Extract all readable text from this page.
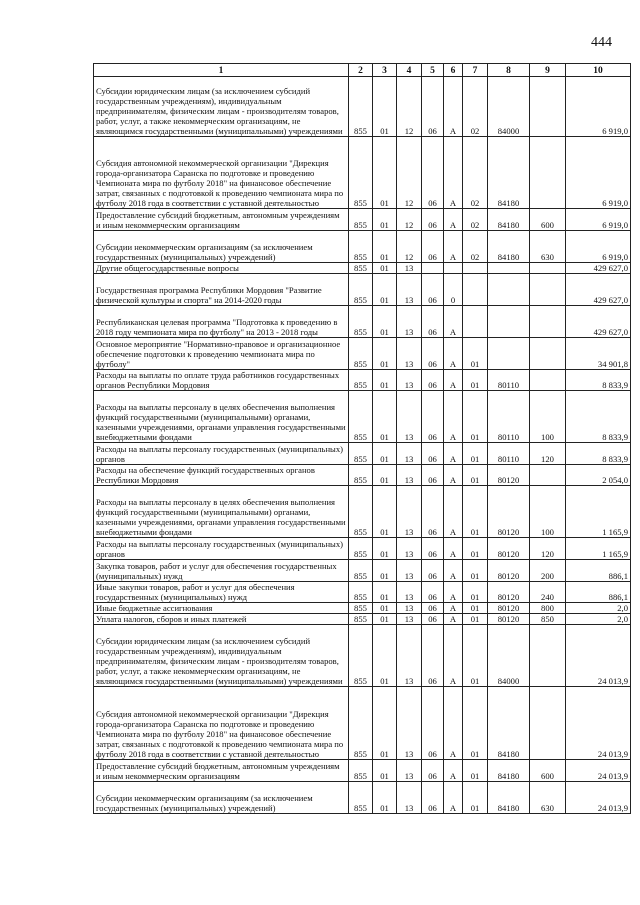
444
1	2	3	4	5	6	7	8	9	10
Субсидии юридическим лицам (за исключением субсидий государственным учреждениям), индивидуальным предпринимателям, физическим лицам - производителям товаров, работ, услуг, а также некоммерческим организациям, не являющимся государственными (муниципальными) учреждениями	855	01	12	06	А	02	84000		6 919,0
Субсидия автономной некоммерческой организации "Дирекция города-организатора Саранска по подготовке и проведению Чемпионата мира по футболу 2018" на финансовое обеспечение затрат, связанных с подготовкой к проведению чемпионата мира по футболу 2018 года в соответствии с уставной деятельностью	855	01	12	06	А	02	84180		6 919,0
Предоставление субсидий бюджетным, автономным учреждениям и иным некоммерческим организациям	855	01	12	06	А	02	84180	600	6 919,0
Субсидии некоммерческим организациям (за исключением государственных (муниципальных) учреждений)	855	01	12	06	А	02	84180	630	6 919,0
Другие общегосударственные вопросы	855	01	13						429 627,0
Государственная программа Республики Мордовия "Развитие физической культуры и спорта" на 2014-2020 годы	855	01	13	06	0				429 627,0
Республиканская целевая программа "Подготовка к проведению в 2018 году чемпионата мира по футболу" на 2013 - 2018 годы	855	01	13	06	А				429 627,0
Основное мероприятие "Нормативно-правовое и организационное обеспечение подготовки к проведению чемпионата мира по футболу"	855	01	13	06	А	01			34 901,8
Расходы на выплаты по оплате труда работников государственных органов Республики Мордовия	855	01	13	06	А	01	80110		8 833,9
Расходы на выплаты персоналу в целях обеспечения выполнения функций государственными (муниципальными) органами, казенными учреждениями, органами управления государственными внебюджетными фондами	855	01	13	06	А	01	80110	100	8 833,9
Расходы на выплаты персоналу государственных (муниципальных) органов	855	01	13	06	А	01	80110	120	8 833,9
Расходы на обеспечение функций государственных органов Республики Мордовия	855	01	13	06	А	01	80120		2 054,0
Расходы на выплаты персоналу в целях обеспечения выполнения функций государственными (муниципальными) органами, казенными учреждениями, органами управления государственными внебюджетными фондами	855	01	13	06	А	01	80120	100	1 165,9
Расходы на выплаты персоналу государственных (муниципальных) органов	855	01	13	06	А	01	80120	120	1 165,9
Закупка товаров, работ и услуг для обеспечения государственных (муниципальных) нужд	855	01	13	06	А	01	80120	200	886,1
Иные закупки товаров, работ и услуг для обеспечения государственных (муниципальных) нужд	855	01	13	06	А	01	80120	240	886,1
Иные бюджетные ассигнования	855	01	13	06	А	01	80120	800	2,0
Уплата налогов, сборов и иных платежей	855	01	13	06	А	01	80120	850	2,0
Субсидии юридическим лицам (за исключением субсидий государственным учреждениям), индивидуальным предпринимателям, физическим лицам - производителям товаров, работ, услуг, а также некоммерческим организациям, не являющимся государственными (муниципальными) учреждениями	855	01	13	06	А	01	84000		24 013,9
Субсидия автономной некоммерческой организации "Дирекция города-организатора Саранска по подготовке и проведению Чемпионата мира по футболу 2018" на финансовое обеспечение затрат, связанных с подготовкой к проведению чемпионата мира по футболу 2018 года в соответствии с уставной деятельностью	855	01	13	06	А	01	84180		24 013,9
Предоставление субсидий бюджетным, автономным учреждениям и иным некоммерческим организациям	855	01	13	06	А	01	84180	600	24 013,9
Субсидии некоммерческим организациям (за исключением государственных (муниципальных) учреждений)	855	01	13	06	А	01	84180	630	24 013,9
